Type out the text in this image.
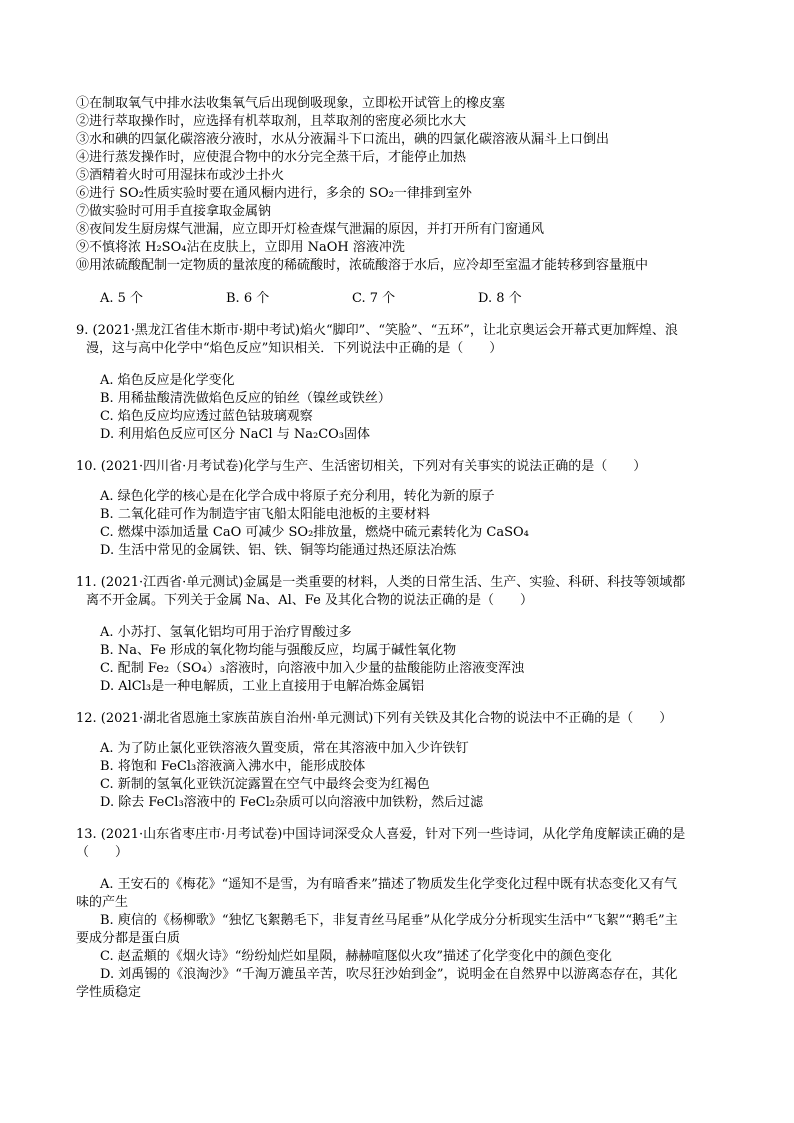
①在制取氧气中排水法收集氧气后出现倒吸现象，立即松开试管上的橡皮塞
②进行萃取操作时，应选择有机萃取剂，且萃取剂的密度必须比水大
③水和碘的四氯化碳溶液分液时，水从分液漏斗下口流出，碘的四氯化碳溶液从漏斗上口倒出
④进行蒸发操作时，应使混合物中的水分完全蒸干后，才能停止加热
⑤酒精着火时可用湿抹布或沙土扑火
⑥进行 SO₂性质实验时要在通风橱内进行，多余的 SO₂一律排到室外
⑦做实验时可用手直接拿取金属钠
⑧夜间发生厨房煤气泄漏，应立即开灯检查煤气泄漏的原因，并打开所有门窗通风
⑨不慎将浓 H₂SO₄沾在皮肤上，立即用 NaOH 溶液冲洗
⑩用浓硫酸配制一定物质的量浓度的稀硫酸时，浓硫酸溶于水后，应冷却至室温才能转移到容量瓶中
A. 5 个	B. 6 个	C. 7 个	D. 8 个
9. (2021·黑龙江省佳木斯市·期中考试)焰火“脚印”、“笑脸”、“五环”，让北京奥运会开幕式更加辉煌、浪
漫，这与高中化学中“焰色反应”知识相关．下列说法中正确的是（　　）
A. 焰色反应是化学变化
B. 用稀盐酸清洗做焰色反应的铂丝（镍丝或铁丝）
C. 焰色反应均应透过蓝色钴玻璃观察
D. 利用焰色反应可区分 NaCl 与 Na₂CO₃固体
10. (2021·四川省·月考试卷)化学与生产、生活密切相关，下列对有关事实的说法正确的是（　　）
A. 绿色化学的核心是在化学合成中将原子充分利用，转化为新的原子
B. 二氧化硅可作为制造宇宙飞船太阳能电池板的主要材料
C. 燃煤中添加适量 CaO 可减少 SO₂排放量，燃烧中硫元素转化为 CaSO₄
D. 生活中常见的金属铁、铝、铁、铜等均能通过热还原法冶炼
11. (2021·江西省·单元测试)金属是一类重要的材料，人类的日常生活、生产、实验、科研、科技等领域都
离不开金属。下列关于金属 Na、Al、Fe 及其化合物的说法正确的是（　　）
A. 小苏打、氢氧化铝均可用于治疗胃酸过多
B. Na、Fe 形成的氧化物均能与强酸反应，均属于碱性氧化物
C. 配制 Fe₂（SO₄）₃溶液时，向溶液中加入少量的盐酸能防止溶液变浑浊
D. AlCl₃是一种电解质，工业上直接用于电解冶炼金属铝
12. (2021·湖北省恩施土家族苗族自治州·单元测试)下列有关铁及其化合物的说法中不正确的是（　　）
A. 为了防止氯化亚铁溶液久置变质，常在其溶液中加入少许铁钉
B. 将饱和 FeCl₃溶液滴入沸水中，能形成胶体
C. 新制的氢氧化亚铁沉淀露置在空气中最终会变为红褐色
D. 除去 FeCl₃溶液中的 FeCl₂杂质可以向溶液中加铁粉，然后过滤
13. (2021·山东省枣庄市·月考试卷)中国诗词深受众人喜爱，针对下列一些诗词，从化学角度解读正确的是
（　　）
A. 王安石的《梅花》“遥知不是雪，为有暗香来”描述了物质发生化学变化过程中既有状态变化又有气
味的产生
B. 庾信的《杨柳歌》“独忆飞絮鹅毛下，非复青丝马尾垂”从化学成分分析现实生活中“飞絮”“鹅毛”主
要成分都是蛋白质
C. 赵孟頫的《烟火诗》“纷纷灿烂如星陨，赫赫喧豗似火攻”描述了化学变化中的颜色变化
D. 刘禹锡的《浪淘沙》“千淘万漉虽辛苦，吹尽狂沙始到金”，说明金在自然界中以游离态存在，其化
学性质稳定
